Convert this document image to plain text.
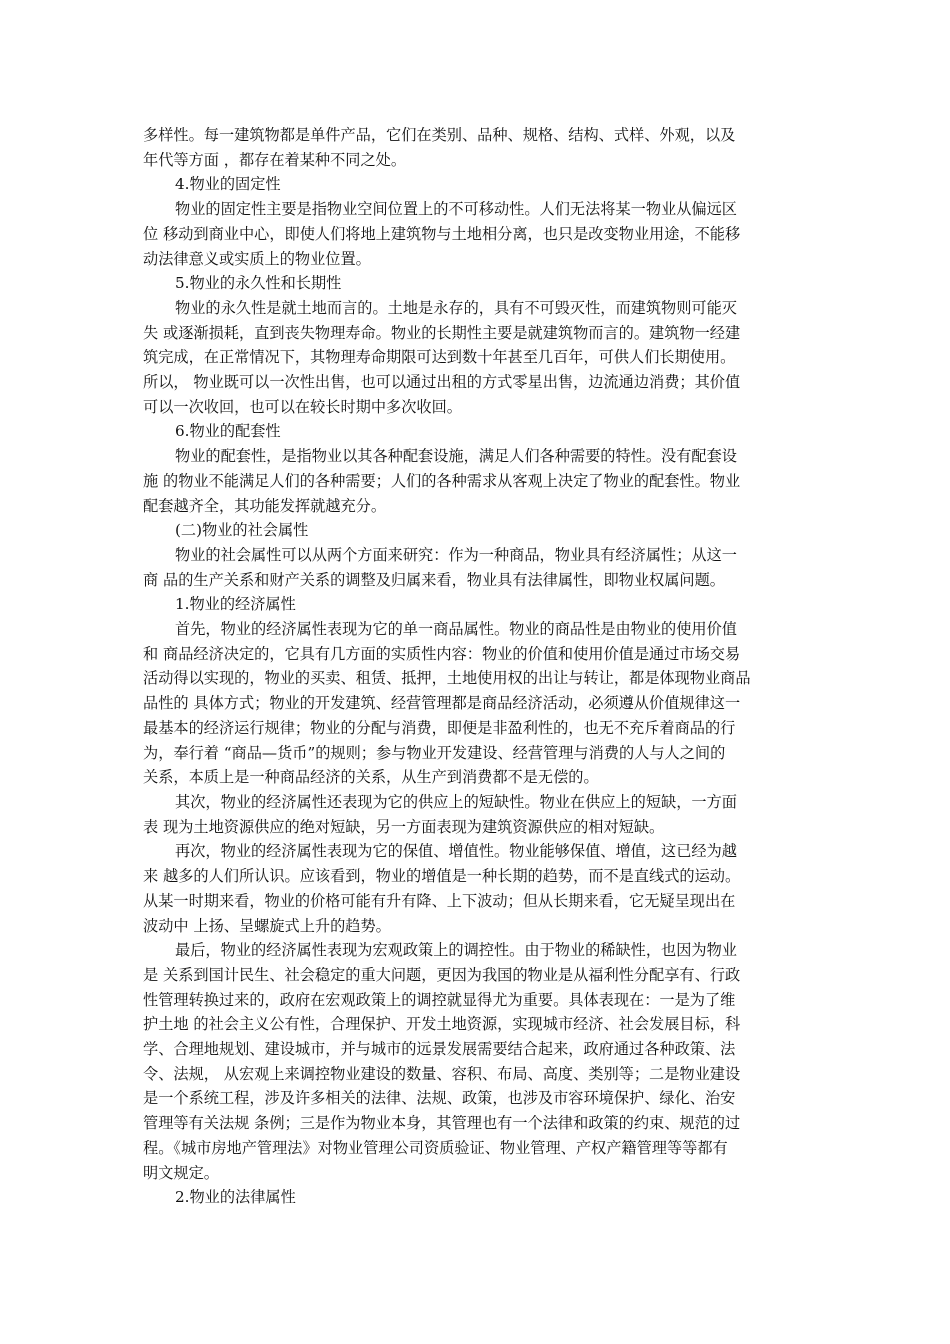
多样性。每一建筑物都是单件产品，它们在类别、品种、规格、结构、式样、外观，以及

年代等方面 ，都存在着某种不同之处。

4.物业的固定性

物业的固定性主要是指物业空间位置上的不可移动性。人们无法将某一物业从偏远区

位 移动到商业中心，即使人们将地上建筑物与土地相分离，也只是改变物业用途，不能移

动法律意义或实质上的物业位置。

5.物业的永久性和长期性

物业的永久性是就土地而言的。土地是永存的，具有不可毁灭性，而建筑物则可能灭

失 或逐渐损耗，直到丧失物理寿命。物业的长期性主要是就建筑物而言的。建筑物一经建

筑完成，在正常情况下，其物理寿命期限可达到数十年甚至几百年，可供人们长期使用。

所以， 物业既可以一次性出售，也可以通过出租的方式零星出售，边流通边消费；其价值

可以一次收回，也可以在较长时期中多次收回。

6.物业的配套性

物业的配套性，是指物业以其各种配套设施，满足人们各种需要的特性。没有配套设

施 的物业不能满足人们的各种需要；人们的各种需求从客观上决定了物业的配套性。物业

配套越齐全，其功能发挥就越充分。

(二)物业的社会属性

物业的社会属性可以从两个方面来研究：作为一种商品，物业具有经济属性；从这一

商 品的生产关系和财产关系的调整及归属来看，物业具有法律属性，即物业权属问题。

1.物业的经济属性

首先，物业的经济属性表现为它的单一商品属性。物业的商品性是由物业的使用价值

和 商品经济决定的，它具有几方面的实质性内容：物业的价值和使用价值是通过市场交易

活动得以实现的，物业的买卖、租赁、抵押，土地使用权的出让与转让，都是体现物业商品

品性的 具体方式；物业的开发建筑、经营管理都是商品经济活动，必须遵从价值规律这一

最基本的经济运行规律；物业的分配与消费，即便是非盈利性的，也无不充斥着商品的行

为，奉行着 “商品—货币”的规则；参与物业开发建设、经营管理与消费的人与人之间的

关系，本质上是一种商品经济的关系，从生产到消费都不是无偿的。

其次，物业的经济属性还表现为它的供应上的短缺性。物业在供应上的短缺，一方面

表 现为土地资源供应的绝对短缺，另一方面表现为建筑资源供应的相对短缺。

再次，物业的经济属性表现为它的保值、增值性。物业能够保值、增值，这已经为越

来 越多的人们所认识。应该看到，物业的增值是一种长期的趋势，而不是直线式的运动。

从某一时期来看，物业的价格可能有升有降、上下波动；但从长期来看，它无疑呈现出在

波动中 上扬、呈螺旋式上升的趋势。

最后，物业的经济属性表现为宏观政策上的调控性。由于物业的稀缺性，也因为物业

是 关系到国计民生、社会稳定的重大问题，更因为我国的物业是从福利性分配享有、行政

性管理转换过来的，政府在宏观政策上的调控就显得尤为重要。具体表现在：一是为了维

护土地 的社会主义公有性，合理保护、开发土地资源，实现城市经济、社会发展目标，科

学、合理地规划、建设城市，并与城市的远景发展需要结合起来，政府通过各种政策、法

令、法规， 从宏观上来调控物业建设的数量、容积、布局、高度、类别等；二是物业建设

是一个系统工程，涉及许多相关的法律、法规、政策，也涉及市容环境保护、绿化、治安

管理等有关法规 条例；三是作为物业本身，其管理也有一个法律和政策的约束、规范的过

程。《城市房地产管理法》对物业管理公司资质验证、物业管理、产权产籍管理等等都有

明文规定。

2.物业的法律属性
